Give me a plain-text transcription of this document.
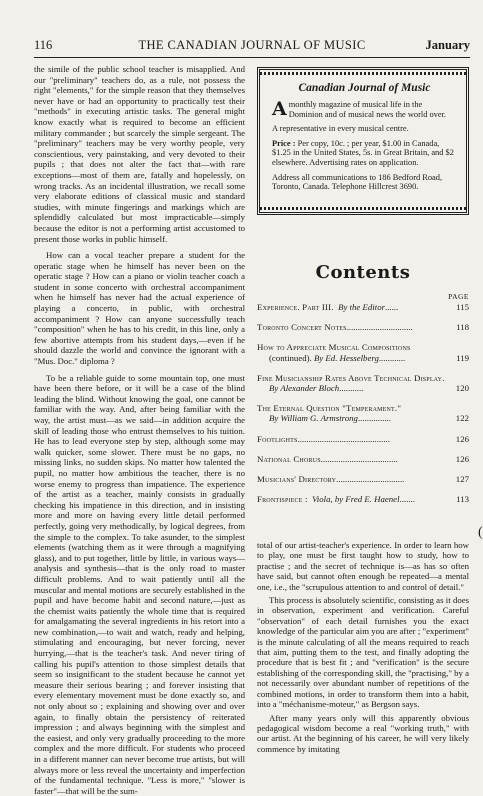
116	THE CANADIAN JOURNAL OF MUSIC	January

the simile of the public school teacher is misapplied. And our "preliminary" teachers do, as a rule, not possess the right "elements," for the simple reason that they themselves never have or had an opportunity to practically test their "methods" in executing artistic tasks. The general might know exactly what is required to become an efficient military commander ; but scarcely the simple sergeant. The "preliminary" teachers may be very worthy people, very conscientious, very painstaking, and very devoted to their pupils ; that does not alter the fact that—with rare exceptions—most of them are, fatally and hopelessly, on wrong tracks. As an incidental illustration, we recall some very elaborate editions of classical music and standard studies, with minute fingerings and markings which are splendidly calculated but most impracticable—simply because the editor is not a performing artist accustomed to present those works in public himself.

How can a vocal teacher prepare a student for the operatic stage when he himself has never been on the operatic stage ? How can a piano or violin teacher coach a student in some concerto with orchestral accompaniment when he himself has never had the actual experience of playing a concerto, in public, with orchestral accompaniment ? How can anyone successfully teach "composition" when he has to his credit, in this line, only a few abortive attempts from his student days,—even if he should dazzle the world and convince the ignorant with a "Mus. Doc." diploma ?

To be a reliable guide to some mountain top, one must have been there before, or it will be a case of the blind leading the blind. Without knowing the goal, one cannot be familiar with the way. And, after being familiar with the way, the artist must—as we said—in addition acquire the skill of leading those who entrust themselves to his tuition. He has to lead everyone step by step, although some may walk quicker, some slower. There must be no gaps, no missing links, no sudden skips. No matter how talented the pupil, no matter how ambitious the teacher, there is no worse enemy to progress than impatience. The experience of the artist as a teacher, mainly consists in gradually checking his impatience in this direction, and in insisting more and more on having every little detail performed perfectly, going very methodically, by logical degrees, from the simple to the complex. To take asunder, to the simplest elements (watching them as it were through a magnifying glass), and to put together, little by little, in various ways—analysis and synthesis—that is the only road to master difficult problems. And to wait patiently until all the muscular and mental motions are securely established in the pupil and have become habit and second nature,—just as the chemist waits patiently the whole time that is required for amalgamating the several ingredients in his retort into a new combination,—to wait and watch, ready and helping, stimulating and encouraging, but never forcing, never hurrying,—that is the teacher's task. And never tiring of calling his pupil's attention to those simplest details that seem so insignificant to the student because he cannot yet measure their serious bearing ; and forever insisting that every elementary movement must be done exactly so, and not only about so ; explaining and showing over and over again, to finally obtain the persistency of reiterated impression ; and always beginning with the simplest and the easiest, and only very gradually proceeding to the more complex and the more difficult. For students who proceed in a different manner can never become true artists, but will always more or less reveal the uncertainty and imperfection of the fundamental technique. "Less is more," "slower is faster"—that will be the sum-

Canadian Journal of Music

Amonthly magazine of musical life in the Dominion and of musical news the world over.

A representative in every musical centre.

Price : Per copy, 10c. ; per year, $1.00 in Canada, $1.25 in the United States, 5s. in Great Britain, and $2 elsewhere. Advertising rates on application.

Address all communications to 186 Bedford Road, Toronto, Canada. Telephone Hillcrest 3690.

Contents
PAGE
Experience. Part III. By the Editor......	115
Toronto Concert Notes..............................	118
How to Appreciate Musical Compositions
(continued). By Ed. Hesselberg............	119
Fine Musicianship Rates Above Technical Display.
By Alexander Bloch...........	120
The Eternal Question "Temperament."
By William G. Armstrong...............	122
Footlights..........................................	126
National Chorus...................................	126
Musicians' Directory...............................	127
Frontispiece : Viola, by Fred E. Haenel.......	113
(

total of our artist-teacher's experience. In order to learn how to play, one must be first taught how to study, how to practise ; and the secret of technique is—as has so often have said, but cannot often enough be repeated—a mental one, i.e., the "scrupulous attention to and control of detail."

This process is absolutely scientific, consisting as it does in observation, experiment and verification. Careful "observation" of each detail furnishes you the exact knowledge of the particular aim you are after ; "experiment" is the minute calculating of all the means required to reach that aim, putting them to the test, and finally adopting the procedure that is best fit ; and "verification" is the secure establishing of the corresponding skill, the "practising," by a not necessarily over abundant number of repetitions of the combined motions, in order to transform them into a habit, into a "méchanisme-moteur," as Bergson says.

After many years only will this apparently obvious pedagogical wisdom become a real "working truth," with our artist. At the beginning of his career, he will very likely commence by imitating
